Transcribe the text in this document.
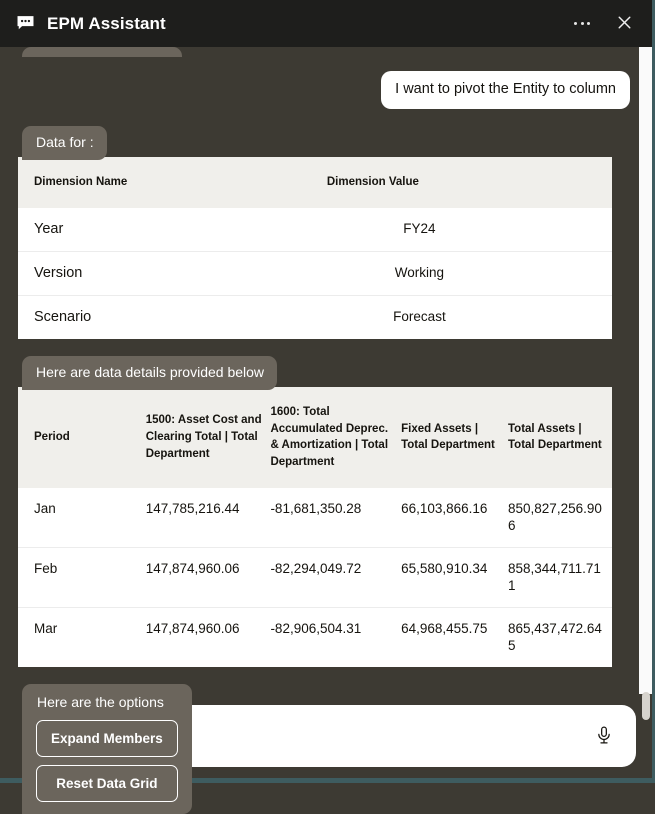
EPM Assistant
I want to pivot the Entity to column
Data for :
Dimension Name	Dimension Value
Year	FY24
Version	Working
Scenario	Forecast
Here are data details provided below
Period	1500: Asset Cost and Clearing Total | Total Department	1600: Total Accumulated Deprec. & Amortization | Total Department	Fixed Assets | Total Department	Total Assets | Total Department
Jan	147,785,216.44	-81,681,350.28	66,103,866.16	850,827,256.906
Feb	147,874,960.06	-82,294,049.72	65,580,910.34	858,344,711.711
Mar	147,874,960.06	-82,906,504.31	64,968,455.75	865,437,472.645
Here are the options
Expand Members
Reset Data Grid
Type a message
